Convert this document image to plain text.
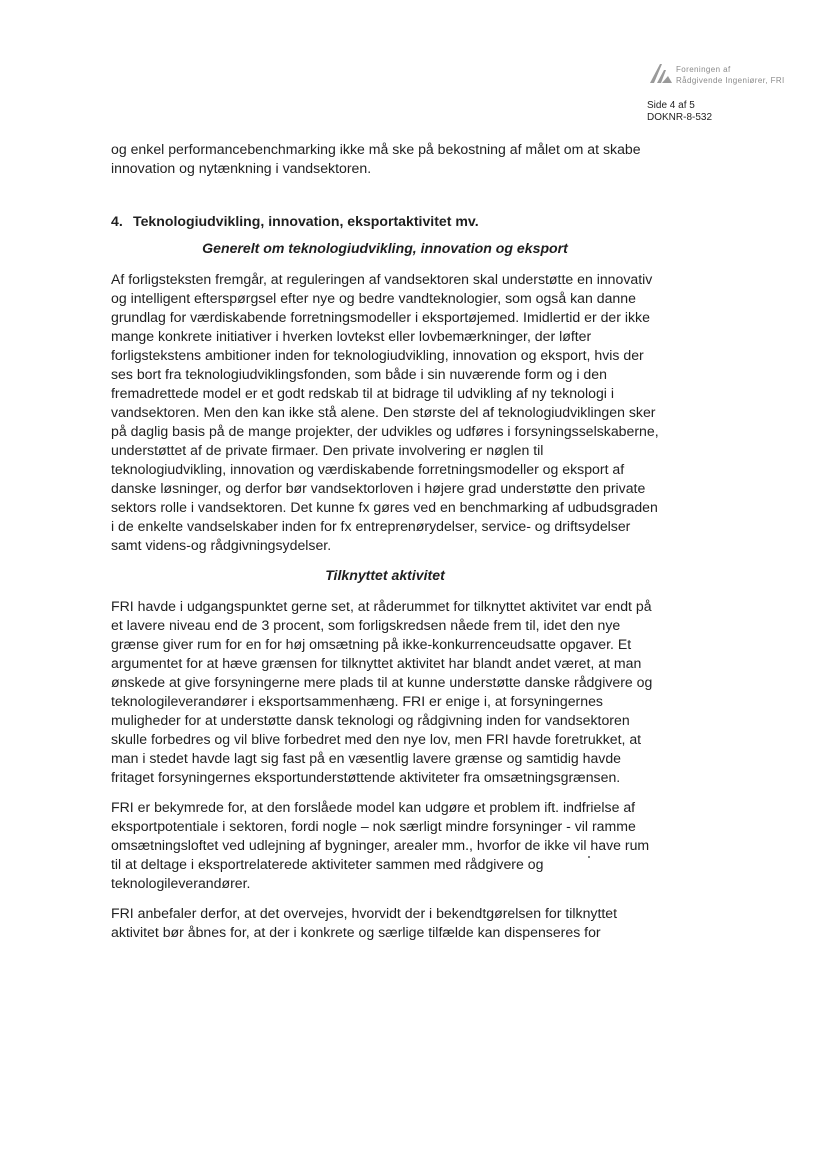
Foreningen af
Rådgivende Ingeniører, FRI
Side 4 af 5
DOKNR-8-532

og enkel performancebenchmarking ikke må ske på bekostning af målet om at skabe innovation og nytænkning i vandsektoren.

4. Teknologiudvikling, innovation, eksportaktivitet mv.

Generelt om teknologiudvikling, innovation og eksport

Af forligsteksten fremgår, at reguleringen af vandsektoren skal understøtte en innovativ og intelligent efterspørgsel efter nye og bedre vandteknologier, som også kan danne grundlag for værdiskabende forretningsmodeller i eksportøjemed. Imidlertid er der ikke mange konkrete initiativer i hverken lovtekst eller lovbemærkninger, der løfter forligstekstens ambitioner inden for teknologiudvikling, innovation og eksport, hvis der ses bort fra teknologiudviklingsfonden, som både i sin nuværende form og i den fremadrettede model er et godt redskab til at bidrage til udvikling af ny teknologi i vandsektoren. Men den kan ikke stå alene. Den største del af teknologiudviklingen sker på daglig basis på de mange projekter, der udvikles og udføres i forsyningsselskaberne, understøttet af de private firmaer. Den private involvering er nøglen til teknologiudvikling, innovation og værdiskabende forretningsmodeller og eksport af danske løsninger, og derfor bør vandsektorloven i højere grad understøtte den private sektors rolle i vandsektoren. Det kunne fx gøres ved en benchmarking af udbudsgraden i de enkelte vandselskaber inden for fx entreprenørydelser, service- og driftsydelser samt videns-og rådgivningsydelser.

Tilknyttet aktivitet

FRI havde i udgangspunktet gerne set, at råderummet for tilknyttet aktivitet var endt på et lavere niveau end de 3 procent, som forligskredsen nåede frem til, idet den nye grænse giver rum for en for høj omsætning på ikke-konkurrenceudsatte opgaver. Et argumentet for at hæve grænsen for tilknyttet aktivitet har blandt andet været, at man ønskede at give forsyningerne mere plads til at kunne understøtte danske rådgivere og teknologileverandører i eksportsammenhæng. FRI er enige i, at forsyningernes muligheder for at understøtte dansk teknologi og rådgivning inden for vandsektoren skulle forbedres og vil blive forbedret med den nye lov, men FRI havde foretrukket, at man i stedet havde lagt sig fast på en væsentlig lavere grænse og samtidig havde fritaget forsyningernes eksportunderstøttende aktiviteter fra omsætningsgrænsen.

FRI er bekymrede for, at den forslåede model kan udgøre et problem ift. indfrielse af eksportpotentiale i sektoren, fordi nogle – nok særligt mindre forsyninger - vil ramme omsætningsloftet ved udlejning af bygninger, arealer mm., hvorfor de ikke vil have rum til at deltage i eksportrelaterede aktiviteter sammen med rådgivere og teknologileverandører.

FRI anbefaler derfor, at det overvejes, hvorvidt der i bekendtgørelsen for tilknyttet aktivitet bør åbnes for, at der i konkrete og særlige tilfælde kan dispenseres for
